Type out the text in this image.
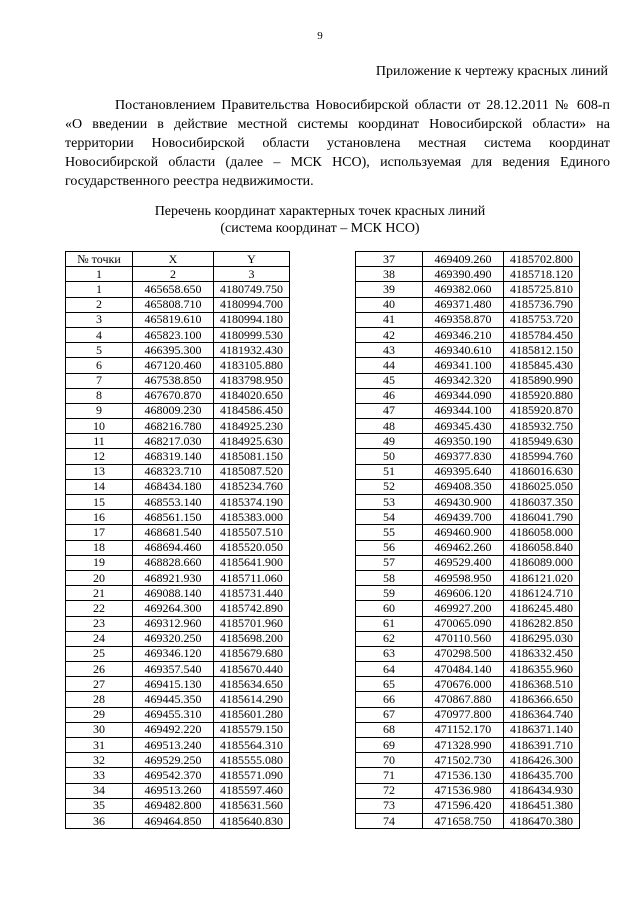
9
Приложение к чертежу красных линий

Постановлением Правительства Новосибирской области от 28.12.2011 № 608-п «О введении в действие местной системы координат Новосибирской области» на территории Новосибирской области установлена местная система координат Новосибирской области (далее – МСК НСО), используемая для ведения Единого государственного реестра недвижимости.

Перечень координат характерных точек красных линий
(система координат – МСК НСО)
№ точки	X	Y
1	2	3
1	465658.650	4180749.750
2	465808.710	4180994.700
3	465819.610	4180994.180
4	465823.100	4180999.530
5	466395.300	4181932.430
6	467120.460	4183105.880
7	467538.850	4183798.950
8	467670.870	4184020.650
9	468009.230	4184586.450
10	468216.780	4184925.230
11	468217.030	4184925.630
12	468319.140	4185081.150
13	468323.710	4185087.520
14	468434.180	4185234.760
15	468553.140	4185374.190
16	468561.150	4185383.000
17	468681.540	4185507.510
18	468694.460	4185520.050
19	468828.660	4185641.900
20	468921.930	4185711.060
21	469088.140	4185731.440
22	469264.300	4185742.890
23	469312.960	4185701.960
24	469320.250	4185698.200
25	469346.120	4185679.680
26	469357.540	4185670.440
27	469415.130	4185634.650
28	469445.350	4185614.290
29	469455.310	4185601.280
30	469492.220	4185579.150
31	469513.240	4185564.310
32	469529.250	4185555.080
33	469542.370	4185571.090
34	469513.260	4185597.460
35	469482.800	4185631.560
36	469464.850	4185640.830
37	469409.260	4185702.800
38	469390.490	4185718.120
39	469382.060	4185725.810
40	469371.480	4185736.790
41	469358.870	4185753.720
42	469346.210	4185784.450
43	469340.610	4185812.150
44	469341.100	4185845.430
45	469342.320	4185890.990
46	469344.090	4185920.880
47	469344.100	4185920.870
48	469345.430	4185932.750
49	469350.190	4185949.630
50	469377.830	4185994.760
51	469395.640	4186016.630
52	469408.350	4186025.050
53	469430.900	4186037.350
54	469439.700	4186041.790
55	469460.900	4186058.000
56	469462.260	4186058.840
57	469529.400	4186089.000
58	469598.950	4186121.020
59	469606.120	4186124.710
60	469927.200	4186245.480
61	470065.090	4186282.850
62	470110.560	4186295.030
63	470298.500	4186332.450
64	470484.140	4186355.960
65	470676.000	4186368.510
66	470867.880	4186366.650
67	470977.800	4186364.740
68	471152.170	4186371.140
69	471328.990	4186391.710
70	471502.730	4186426.300
71	471536.130	4186435.700
72	471536.980	4186434.930
73	471596.420	4186451.380
74	471658.750	4186470.380
